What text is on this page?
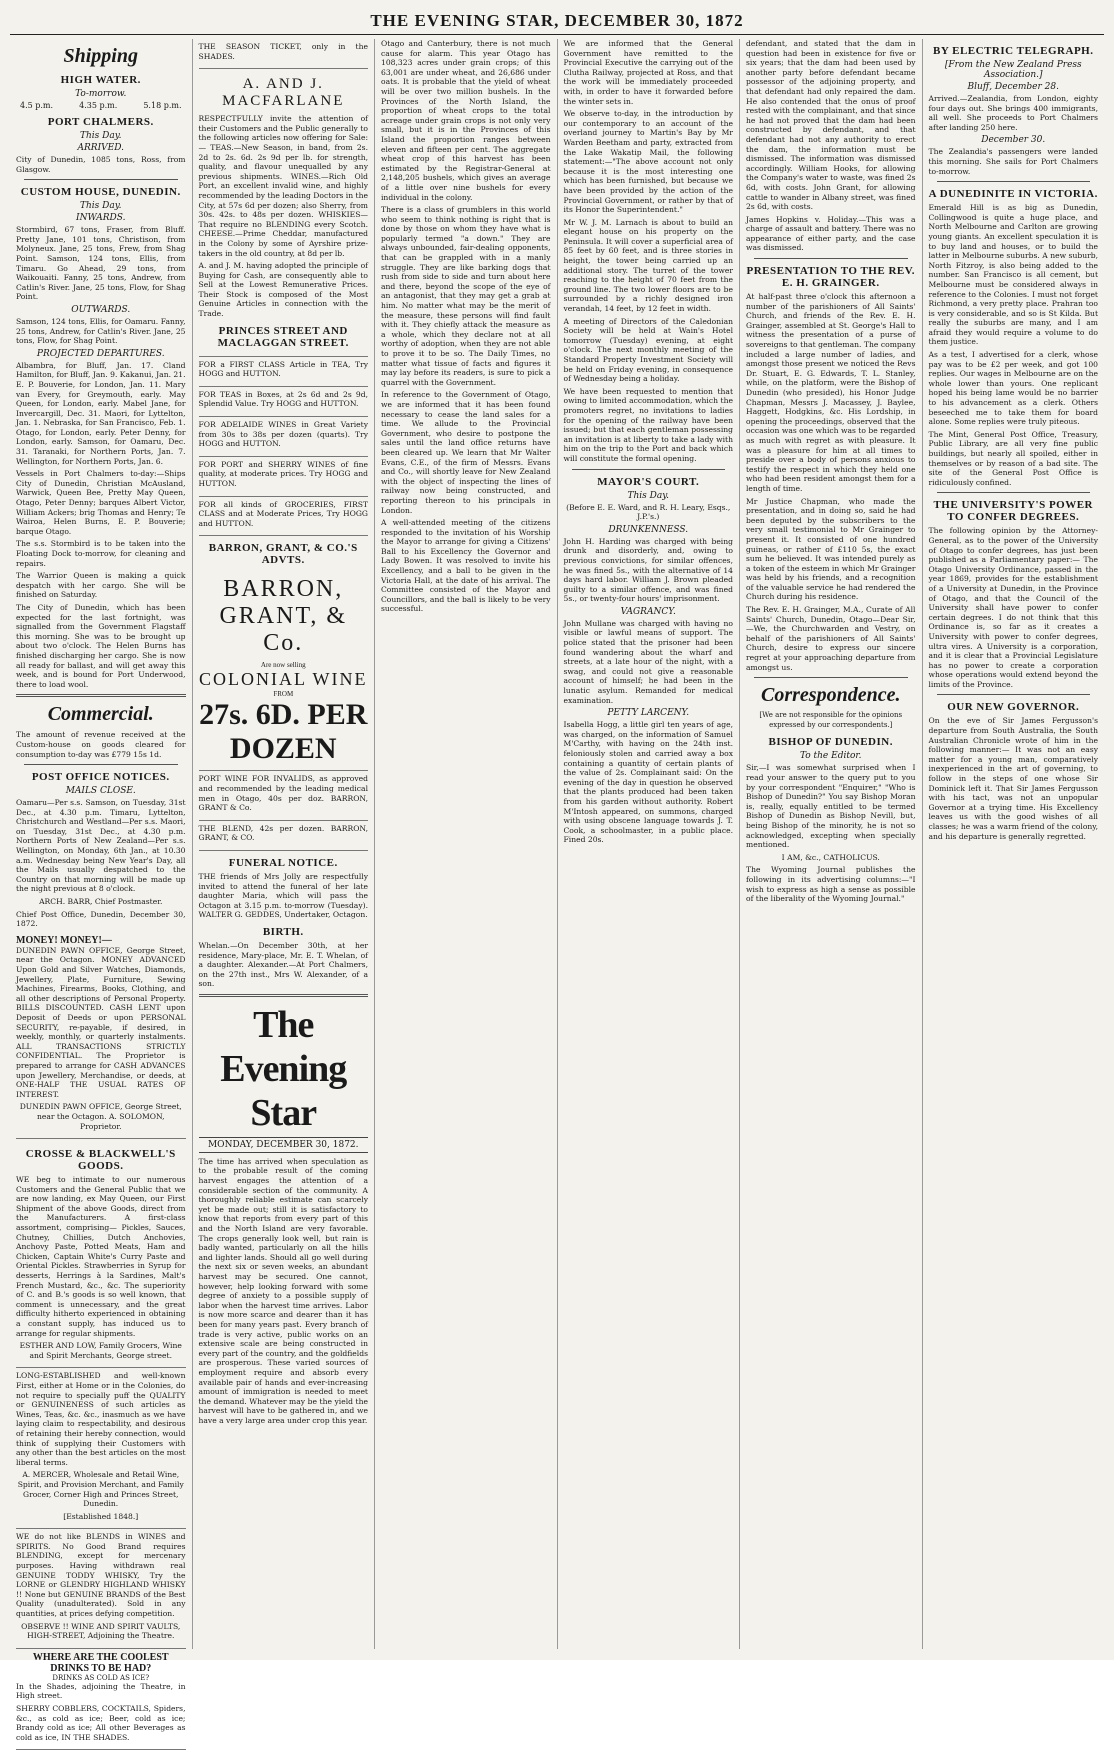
THE EVENING STAR, DECEMBER 30, 1872
Shipping
HIGH WATER.
To-morrow.
4.5 p.m.	4.35 p.m.	5.18 p.m.
PORT CHALMERS.
This Day.
ARRIVED.

City of Dunedin, 1085 tons, Ross, from Glasgow.

CUSTOM HOUSE, DUNEDIN.
This Day.
INWARDS.

Stormbird, 67 tons, Fraser, from Bluff. Pretty Jane, 101 tons, Christison, from Molyneux. Jane, 25 tons, Frew, from Shag Point. Samson, 124 tons, Ellis, from Timaru. Go Ahead, 29 tons, from Waikouaiti. Fanny, 25 tons, Andrew, from Catlin's River. Jane, 25 tons, Flow, for Shag Point.

OUTWARDS.

Samson, 124 tons, Ellis, for Oamaru. Fanny, 25 tons, Andrew, for Catlin's River. Jane, 25 tons, Flow, for Shag Point.

PROJECTED DEPARTURES.

Albambra, for Bluff, Jan. 17. Cland Hamilton, for Bluff, Jan. 9. Kakanui, Jan. 21. E. P. Bouverie, for London, Jan. 11. Mary van Every, for Greymouth, early. May Queen, for London, early. Mabel Jane, for Invercargill, Dec. 31. Maori, for Lyttelton, Jan. 1. Nebraska, for San Francisco, Feb. 1. Otago, for London, early. Peter Denny, for London, early. Samson, for Oamaru, Dec. 31. Taranaki, for Northern Ports, Jan. 7. Wellington, for Northern Ports, Jan. 6.

Vessels in Port Chalmers to-day:—Ships City of Dunedin, Christian McAusland, Warwick, Queen Bee, Pretty May Queen, Otago, Peter Denny; barques Albert Victor, William Ackers; brig Thomas and Henry; Te Wairoa, Helen Burns, E. P. Bouverie; barque Otago.

The s.s. Stormbird is to be taken into the Floating Dock to-morrow, for cleaning and repairs.

The Warrior Queen is making a quick despatch with her cargo. She will be finished on Saturday.

The City of Dunedin, which has been expected for the last fortnight, was signalled from the Government Flagstaff this morning. She was to be brought up about two o'clock. The Helen Burns has finished discharging her cargo. She is now all ready for ballast, and will get away this week, and is bound for Port Underwood, there to load wool.

Commercial.

The amount of revenue received at the Custom-house on goods cleared for consumption to-day was £779 15s 1d.

POST OFFICE NOTICES.
MAILS CLOSE.

Oamaru—Per s.s. Samson, on Tuesday, 31st Dec., at 4.30 p.m. Timaru, Lyttelton, Christchurch and Westland—Per s.s. Maori, on Tuesday, 31st Dec., at 4.30 p.m. Northern Ports of New Zealand—Per s.s. Wellington, on Monday, 6th Jan., at 10.30 a.m. Wednesday being New Year's Day, all the Mails usually despatched to the Country on that morning will be made up the night previous at 8 o'clock.

ARCH. BARR, Chief Postmaster.

Chief Post Office, Dunedin, December 30, 1872.

MONEY! MONEY!—

DUNEDIN PAWN OFFICE, George Street, near the Octagon. MONEY ADVANCED Upon Gold and Silver Watches, Diamonds, Jewellery, Plate, Furniture, Sewing Machines, Firearms, Books, Clothing, and all other descriptions of Personal Property. BILLS DISCOUNTED. CASH LENT upon Deposit of Deeds or upon PERSONAL SECURITY, re-payable, if desired, in weekly, monthly, or quarterly instalments. ALL TRANSACTIONS STRICTLY CONFIDENTIAL. The Proprietor is prepared to arrange for CASH ADVANCES upon Jewellery, Merchandise, or deeds, at ONE-HALF THE USUAL RATES OF INTEREST.

DUNEDIN PAWN OFFICE, George Street, near the Octagon. A. SOLOMON, Proprietor.

CROSSE & BLACKWELL'S GOODS.

WE beg to intimate to our numerous Customers and the General Public that we are now landing, ex May Queen, our First Shipment of the above Goods, direct from the Manufacturers. A first-class assortment, comprising— Pickles, Sauces, Chutney, Chillies, Dutch Anchovies, Anchovy Paste, Potted Meats, Ham and Chicken, Captain White's Curry Paste and Oriental Pickles. Strawberries in Syrup for desserts, Herrings à la Sardines, Malt's French Mustard, &c., &c. The superiority of C. and B.'s goods is so well known, that comment is unnecessary, and the great difficulty hitherto experienced in obtaining a constant supply, has induced us to arrange for regular shipments.

ESTHER AND LOW, Family Grocers, Wine and Spirit Merchants, George street.

LONG-ESTABLISHED and well-known First, either at Home or in the Colonies, do not require to specially puff the QUALITY or GENUINENESS of such articles as Wines, Teas, &c. &c., inasmuch as we have laying claim to respectability, and desirous of retaining their hereby connection, would think of supplying their Customers with any other than the best articles on the most liberal terms.

A. MERCER, Wholesale and Retail Wine, Spirit, and Provision Merchant, and Family Grocer, Corner High and Princes Street, Dunedin.

[Established 1848.]

WE do not like BLENDS in WINES and SPIRITS. No Good Brand requires BLENDING, except for mercenary purposes. Having withdrawn real GENUINE TODDY WHISKY, Try the LORNE or GLENDRY HIGHLAND WHISKY !! None but GENUINE BRANDS of the Best Quality (unadulterated). Sold in any quantities, at prices defying competition.

OBSERVE !! WINE AND SPIRIT VAULTS, HIGH-STREET, Adjoining the Theatre.

WHERE ARE THE COOLEST DRINKS TO BE HAD?
DRINKS AS COLD AS ICE?

In the Shades, adjoining the Theatre, in High street.

SHERRY COBBLERS, COCKTAILS, Spiders, &c., as cold as ice; Beer, cold as ice; Brandy cold as ice; All other Beverages as cold as ice, IN THE SHADES.

THE SEASON TICKET, only in the SHADES.

A. AND J. MACFARLANE

RESPECTFULLY invite the attention of their Customers and the Public generally to the following articles now offering for Sale:— TEAS.—New Season, in band, from 2s. 2d to 2s. 6d. 2s 9d per lb. for strength, quality, and flavour unequalled by any previous shipments. WINES.—Rich Old Port, an excellent invalid wine, and highly recommended by the leading Doctors in the City, at 57s 6d per dozen; also Sherry, from 30s. 42s. to 48s per dozen. WHISKIES—That require no BLENDING every Scotch. CHEESE.—Prime Cheddar, manufactured in the Colony by some of Ayrshire prize-takers in the old country, at 8d per lb.

A. and J. M. having adopted the principle of Buying for Cash, are consequently able to Sell at the Lowest Remunerative Prices. Their Stock is composed of the Most Genuine Articles in connection with the Trade.

PRINCES STREET AND MACLAGGAN STREET.

FOR a FIRST CLASS Article in TEA, Try HOGG and HUTTON.

FOR TEAS in Boxes, at 2s 6d and 2s 9d, Splendid Value. Try HOGG and HUTTON.

FOR ADELAIDE WINES in Great Variety from 30s to 38s per dozen (quarts). Try HOGG and HUTTON.

FOR PORT and SHERRY WINES of fine quality, at moderate prices. Try HOGG and HUTTON.

FOR all kinds of GROCERIES, FIRST CLASS and at Moderate Prices, Try HOGG and HUTTON.

BARRON, GRANT, & CO.'S ADVTS.
BARRON, GRANT, & Co.
Are now selling
COLONIAL WINE
FROM
27s. 6D. PER DOZEN

PORT WINE FOR INVALIDS, as approved and recommended by the leading medical men in Otago, 40s per doz. BARRON, GRANT & Co.

THE BLEND, 42s per dozen. BARRON, GRANT, & CO.

FUNERAL NOTICE.

THE friends of Mrs Jolly are respectfully invited to attend the funeral of her late daughter Maria, which will pass the Octagon at 3.15 p.m. to-morrow (Tuesday). WALTER G. GEDDES, Undertaker, Octagon.

BIRTH.

Whelan.—On December 30th, at her residence, Mary-place, Mr. E. T. Whelan, of a daughter. Alexander.—At Port Chalmers, on the 27th inst., Mrs W. Alexander, of a son.

The Evening Star
MONDAY, DECEMBER 30, 1872.

The time has arrived when speculation as to the probable result of the coming harvest engages the attention of a considerable section of the community. A thoroughly reliable estimate can scarcely yet be made out; still it is satisfactory to know that reports from every part of this and the North Island are very favorable. The crops generally look well, but rain is badly wanted, particularly on all the hills and lighter lands. Should all go well during the next six or seven weeks, an abundant harvest may be secured. One cannot, however, help looking forward with some degree of anxiety to a possible supply of labor when the harvest time arrives. Labor is now more scarce and dearer than it has been for many years past. Every branch of trade is very active, public works on an extensive scale are being constructed in every part of the country, and the goldfields are prosperous. These varied sources of employment require and absorb every available pair of hands and ever-increasing amount of immigration is needed to meet the demand. Whatever may be the yield the harvest will have to be gathered in, and we have a very large area under crop this year.

Otago and Canterbury, there is not much cause for alarm. This year Otago has 108,323 acres under grain crops; of this 63,001 are under wheat, and 26,686 under oats. It is probable that the yield of wheat will be over two million bushels. In the Provinces of the North Island, the proportion of wheat crops to the total acreage under grain crops is not only very small, but it is in the Provinces of this Island the proportion ranges between eleven and fifteen per cent. The aggregate wheat crop of this harvest has been estimated by the Registrar-General at 2,148,205 bushels, which gives an average of a little over nine bushels for every individual in the colony.

There is a class of grumblers in this world who seem to think nothing is right that is done by those on whom they have what is popularly termed "a down." They are always unbounded, fair-dealing opponents, that can be grappled with in a manly struggle. They are like barking dogs that rush from side to side and turn about here and there, beyond the scope of the eye of an antagonist, that they may get a grab at him. No matter what may be the merit of the measure, these persons will find fault with it. They chiefly attack the measure as a whole, which they declare not at all worthy of adoption, when they are not able to prove it to be so. The Daily Times, no matter what tissue of facts and figures it may lay before its readers, is sure to pick a quarrel with the Government.

In reference to the Government of Otago, we are informed that it has been found necessary to cease the land sales for a time. We allude to the Provincial Government, who desire to postpone the sales until the land office returns have been cleared up. We learn that Mr Walter Evans, C.E., of the firm of Messrs. Evans and Co., will shortly leave for New Zealand with the object of inspecting the lines of railway now being constructed, and reporting thereon to his principals in London.

A well-attended meeting of the citizens responded to the invitation of his Worship the Mayor to arrange for giving a Citizens' Ball to his Excellency the Governor and Lady Bowen. It was resolved to invite his Excellency, and a ball to be given in the Victoria Hall, at the date of his arrival. The Committee consisted of the Mayor and Councillors, and the ball is likely to be very successful.

We are informed that the General Government have remitted to the Provincial Executive the carrying out of the Clutha Railway, projected at Ross, and that the work will be immediately proceeded with, in order to have it forwarded before the winter sets in.

We observe to-day, in the introduction by our contemporary to an account of the overland journey to Martin's Bay by Mr Warden Beetham and party, extracted from the Lake Wakatip Mail, the following statement:—"The above account not only because it is the most interesting one which has been furnished, but because we have been provided by the action of the Provincial Government, or rather by that of its Honor the Superintendent."

Mr W. J. M. Larnach is about to build an elegant house on his property on the Peninsula. It will cover a superficial area of 85 feet by 60 feet, and is three stories in height, the tower being carried up an additional story. The turret of the tower reaching to the height of 70 feet from the ground line. The two lower floors are to be surrounded by a richly designed iron verandah, 14 feet, by 12 feet in width.

A meeting of Directors of the Caledonian Society will be held at Wain's Hotel tomorrow (Tuesday) evening, at eight o'clock. The next monthly meeting of the Standard Property Investment Society will be held on Friday evening, in consequence of Wednesday being a holiday.

We have been requested to mention that owing to limited accommodation, which the promoters regret, no invitations to ladies for the opening of the railway have been issued; but that each gentleman possessing an invitation is at liberty to take a lady with him on the trip to the Port and back which will constitute the formal opening.

MAYOR'S COURT.
This Day.

(Before E. E. Ward, and R. H. Leary, Esqs., J.P.'s.)

DRUNKENNESS.

John H. Harding was charged with being drunk and disorderly, and, owing to previous convictions, for similar offences, he was fined 5s., with the alternative of 14 days hard labor. William J. Brown pleaded guilty to a similar offence, and was fined 5s., or twenty-four hours' imprisonment.

VAGRANCY.

John Mullane was charged with having no visible or lawful means of support. The police stated that the prisoner had been found wandering about the wharf and streets, at a late hour of the night, with a swag, and could not give a reasonable account of himself; he had been in the lunatic asylum. Remanded for medical examination.

PETTY LARCENY.

Isabella Hogg, a little girl ten years of age, was charged, on the information of Samuel M'Carthy, with having on the 24th inst. feloniously stolen and carried away a box containing a quantity of certain plants of the value of 2s. Complainant said: On the evening of the day in question he observed that the plants produced had been taken from his garden without authority. Robert M'Intosh appeared, on summons, charged with using obscene language towards J. T. Cook, a schoolmaster, in a public place. Fined 20s.

defendant, and stated that the dam in question had been in existence for five or six years; that the dam had been used by another party before defendant became possessor of the adjoining property, and that defendant had only repaired the dam. He also contended that the onus of proof rested with the complainant, and that since he had not proved that the dam had been constructed by defendant, and that defendant had not any authority to erect the dam, the information must be dismissed. The information was dismissed accordingly. William Hooks, for allowing the Company's water to waste, was fined 2s 6d, with costs. John Grant, for allowing cattle to wander in Albany street, was fined 2s 6d, with costs.

James Hopkins v. Holiday.—This was a charge of assault and battery. There was no appearance of either party, and the case was dismissed.

PRESENTATION TO THE REV. E. H. GRAINGER.

At half-past three o'clock this afternoon a number of the parishioners of All Saints' Church, and friends of the Rev. E. H. Grainger, assembled at St. George's Hall to witness the presentation of a purse of sovereigns to that gentleman. The company included a large number of ladies, and amongst those present we noticed the Revs Dr. Stuart, E. G. Edwards, T. L. Stanley, while, on the platform, were the Bishop of Dunedin (who presided), his Honor Judge Chapman, Messrs J. Macassey, J. Baylee, Haggett, Hodgkins, &c. His Lordship, in opening the proceedings, observed that the occasion was one which was to be regarded as much with regret as with pleasure. It was a pleasure for him at all times to preside over a body of persons anxious to testify the respect in which they held one who had been resident amongst them for a length of time.

Mr Justice Chapman, who made the presentation, and in doing so, said he had been deputed by the subscribers to the very small testimonial to Mr Grainger to present it. It consisted of one hundred guineas, or rather of £110 5s, the exact sum he believed. It was intended purely as a token of the esteem in which Mr Grainger was held by his friends, and a recognition of the valuable service he had rendered the Church during his residence.

The Rev. E. H. Grainger, M.A., Curate of All Saints' Church, Dunedin, Otago—Dear Sir,—We, the Churchwarden and Vestry, on behalf of the parishioners of All Saints' Church, desire to express our sincere regret at your approaching departure from amongst us.

Correspondence.

[We are not responsible for the opinions expressed by our correspondents.]

BISHOP OF DUNEDIN.
To the Editor.

Sir,—I was somewhat surprised when I read your answer to the query put to you by your correspondent "Enquirer," "Who is Bishop of Dunedin?" You say Bishop Moran is, really, equally entitled to be termed Bishop of Dunedin as Bishop Nevill, but, being Bishop of the minority, he is not so acknowledged, excepting when specially mentioned.

I AM, &c., CATHOLICUS.

The Wyoming Journal publishes the following in its advertising columns:—"I wish to express as high a sense as possible of the liberality of the Wyoming Journal."

BY ELECTRIC TELEGRAPH.
[From the New Zealand Press Association.]
Bluff, December 28.

Arrived.—Zealandia, from London, eighty four days out. She brings 400 immigrants, all well. She proceeds to Port Chalmers after landing 250 here.

December 30.

The Zealandia's passengers were landed this morning. She sails for Port Chalmers to-morrow.

A DUNEDINITE IN VICTORIA.

Emerald Hill is as big as Dunedin, Collingwood is quite a huge place, and North Melbourne and Carlton are growing young giants. An excellent speculation it is to buy land and houses, or to build the latter in Melbourne suburbs. A new suburb, North Fitzroy, is also being added to the number. San Francisco is all cement, but Melbourne must be considered always in reference to the Colonies. I must not forget Richmond, a very pretty place. Prahran too is very considerable, and so is St Kilda. But really the suburbs are many, and I am afraid they would require a volume to do them justice.

As a test, I advertised for a clerk, whose pay was to be £2 per week, and got 100 replies. Our wages in Melbourne are on the whole lower than yours. One replicant hoped his being lame would be no barrier to his advancement as a clerk. Others beseeched me to take them for board alone. Some replies were truly piteous.

The Mint, General Post Office, Treasury, Public Library, are all very fine public buildings, but nearly all spoiled, either in themselves or by reason of a bad site. The site of the General Post Office is ridiculously confined.

THE UNIVERSITY'S POWER TO CONFER DEGREES.

The following opinion by the Attorney-General, as to the power of the University of Otago to confer degrees, has just been published as a Parliamentary paper:— The Otago University Ordinance, passed in the year 1869, provides for the establishment of a University at Dunedin, in the Province of Otago, and that the Council of the University shall have power to confer certain degrees. I do not think that this Ordinance is, so far as it creates a University with power to confer degrees, ultra vires. A University is a corporation, and it is clear that a Provincial Legislature has no power to create a corporation whose operations would extend beyond the limits of the Province.

OUR NEW GOVERNOR.

On the eve of Sir James Fergusson's departure from South Australia, the South Australian Chronicle wrote of him in the following manner:— It was not an easy matter for a young man, comparatively inexperienced in the art of governing, to follow in the steps of one whose Sir Dominick left it. That Sir James Fergusson with his tact, was not an unpopular Governor at a trying time. His Excellency leaves us with the good wishes of all classes; he was a warm friend of the colony, and his departure is generally regretted.
